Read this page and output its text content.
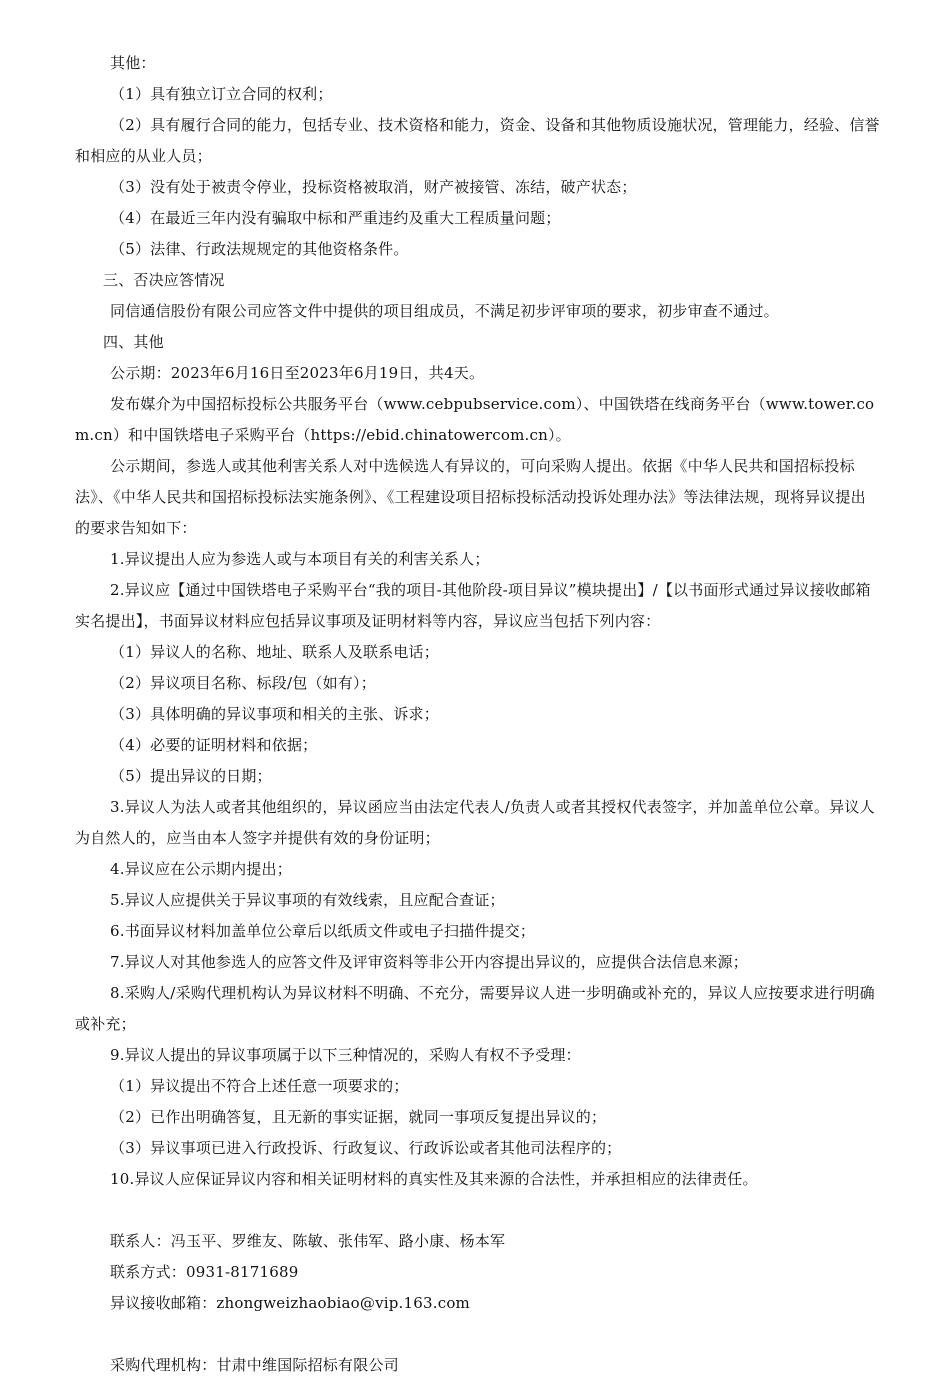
其他：

（1）具有独立订立合同的权利；

（2）具有履行合同的能力，包括专业、技术资格和能力，资金、设备和其他物质设施状况，管理能力，经验、信誉和相应的从业人员；

（3）没有处于被责令停业，投标资格被取消，财产被接管、冻结，破产状态；

（4）在最近三年内没有骗取中标和严重违约及重大工程质量问题；

（5）法律、行政法规规定的其他资格条件。

三、否决应答情况

同信通信股份有限公司应答文件中提供的项目组成员，不满足初步评审项的要求，初步审查不通过。

四、其他

公示期：2023年6月16日至2023年6月19日，共4天。

发布媒介为中国招标投标公共服务平台（www.cebpubservice.com）、中国铁塔在线商务平台（www.tower.com.cn）和中国铁塔电子采购平台（https://ebid.chinatowercom.cn）。

公示期间，参选人或其他利害关系人对中选候选人有异议的，可向采购人提出。依据《中华人民共和国招标投标法》、《中华人民共和国招标投标法实施条例》、《工程建设项目招标投标活动投诉处理办法》等法律法规，现将异议提出的要求告知如下：

1.异议提出人应为参选人或与本项目有关的利害关系人；

2.异议应【通过中国铁塔电子采购平台“我的项目-其他阶段-项目异议”模块提出】/【以书面形式通过异议接收邮箱实名提出】，书面异议材料应包括异议事项及证明材料等内容，异议应当包括下列内容：

（1）异议人的名称、地址、联系人及联系电话；

（2）异议项目名称、标段/包（如有）；

（3）具体明确的异议事项和相关的主张、诉求；

（4）必要的证明材料和依据；

（5）提出异议的日期；

3.异议人为法人或者其他组织的，异议函应当由法定代表人/负责人或者其授权代表签字，并加盖单位公章。异议人为自然人的，应当由本人签字并提供有效的身份证明；

4.异议应在公示期内提出；

5.异议人应提供关于异议事项的有效线索，且应配合查证；

6.书面异议材料加盖单位公章后以纸质文件或电子扫描件提交；

7.异议人对其他参选人的应答文件及评审资料等非公开内容提出异议的，应提供合法信息来源；

8.采购人/采购代理机构认为异议材料不明确、不充分，需要异议人进一步明确或补充的，异议人应按要求进行明确或补充；

9.异议人提出的异议事项属于以下三种情况的，采购人有权不予受理：

（1）异议提出不符合上述任意一项要求的；

（2）已作出明确答复，且无新的事实证据，就同一事项反复提出异议的；

（3）异议事项已进入行政投诉、行政复议、行政诉讼或者其他司法程序的；

10.异议人应保证异议内容和相关证明材料的真实性及其来源的合法性，并承担相应的法律责任。

联系人：冯玉平、罗维友、陈敏、张伟军、路小康、杨本军

联系方式：0931-8171689

异议接收邮箱：zhongweizhaobiao@vip.163.com

采购代理机构：甘肃中维国际招标有限公司
